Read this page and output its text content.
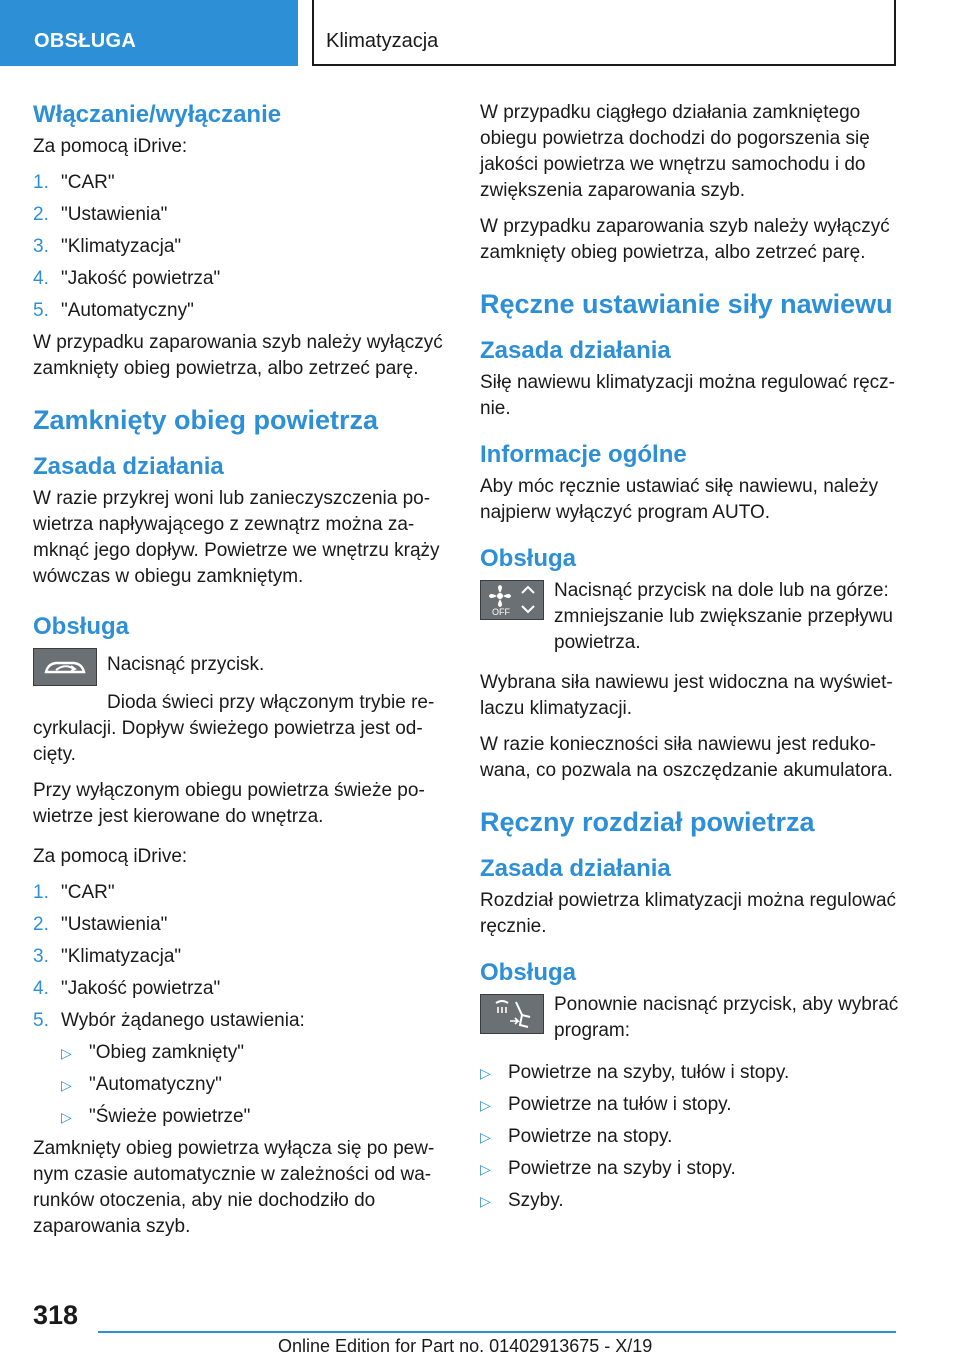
OBSŁUGA	Klimatyzacja
Włączanie/wyłączanie
Za pomocą iDrive:
1. "CAR"
2. "Ustawienia"
3. "Klimatyzacja"
4. "Jakość powietrza"
5. "Automatyczny"
W przypadku zaparowania szyb należy wyłączyć zamknięty obieg powietrza, albo zetrzeć parę.
Zamknięty obieg powietrza
Zasada działania
W razie przykrej woni lub zanieczyszczenia powietrza napływającego z zewnątrz można zamknąć jego dopływ. Powietrze we wnętrzu krąży wówczas w obiegu zamkniętym.
Obsługa
Nacisnąć przycisk.
Dioda świeci przy włączonym trybie recyrkulacji. Dopływ świeżego powietrza jest odcięty.
Przy wyłączonym obiegu powietrza świeże powietrze jest kierowane do wnętrza.
Za pomocą iDrive:
1. "CAR"
2. "Ustawienia"
3. "Klimatyzacja"
4. "Jakość powietrza"
5. Wybór żądanego ustawienia:
▷ "Obieg zamknięty"
▷ "Automatyczny"
▷ "Świeże powietrze"
Zamknięty obieg powietrza wyłącza się po pewnym czasie automatycznie w zależności od warunków otoczenia, aby nie dochodziło do zaparowania szyb.
W przypadku ciągłego działania zamkniętego obiegu powietrza dochodzi do pogorszenia się jakości powietrza we wnętrzu samochodu i do zwiększenia zaparowania szyb.
W przypadku zaparowania szyb należy wyłączyć zamknięty obieg powietrza, albo zetrzeć parę.
Ręczne ustawianie siły nawiewu
Zasada działania
Siłę nawiewu klimatyzacji można regulować ręcznie.
Informacje ogólne
Aby móc ręcznie ustawiać siłę nawiewu, należy najpierw wyłączyć program AUTO.
Obsługa
OFF
Nacisnąć przycisk na dole lub na górze: zmniejszanie lub zwiększanie przepływu powietrza.
Wybrana siła nawiewu jest widoczna na wyświetlaczu klimatyzacji.
W razie konieczności siła nawiewu jest redukowana, co pozwala na oszczędzanie akumulatora.
Ręczny rozdział powietrza
Zasada działania
Rozdział powietrza klimatyzacji można regulować ręcznie.
Obsługa
Ponownie nacisnąć przycisk, aby wybrać program:
▷ Powietrze na szyby, tułów i stopy.
▷ Powietrze na tułów i stopy.
▷ Powietrze na stopy.
▷ Powietrze na szyby i stopy.
▷ Szyby.
318
Online Edition for Part no. 01402913675 - X/19
